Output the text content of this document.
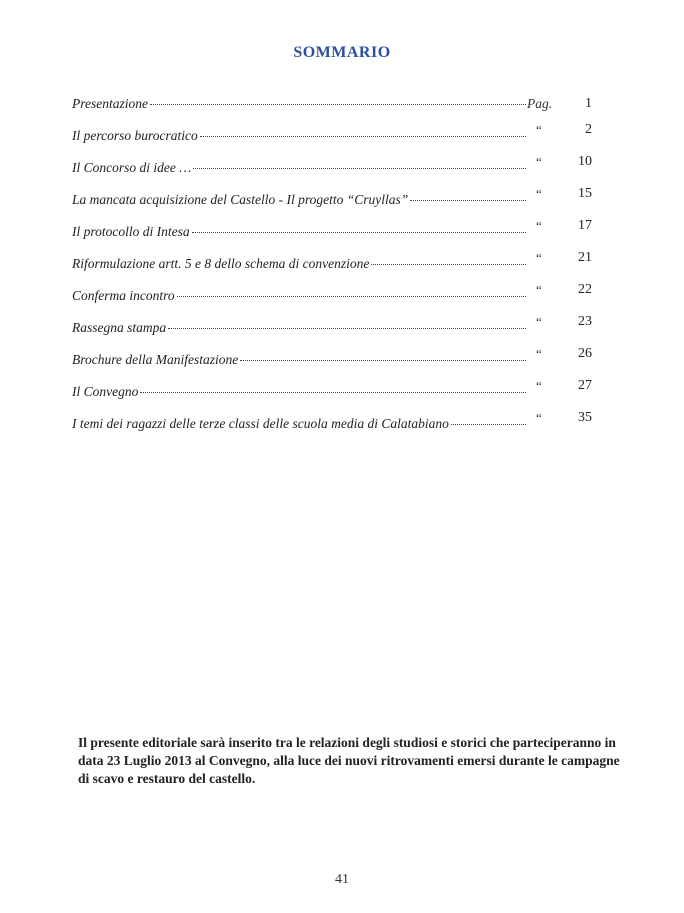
SOMMARIO
Presentazione	Pag.	1
Il percorso burocratico	“	2
Il Concorso di idee …	“	10
La mancata acquisizione del Castello - Il progetto “Cruyllas”	“	15
Il protocollo di Intesa	“	17
Riformulazione artt. 5 e 8 dello schema di convenzione	“	21
Conferma incontro	“	22
Rassegna stampa	“	23
Brochure della Manifestazione	“	26
Il Convegno	“	27
I temi dei ragazzi delle terze classi delle scuola media di Calatabiano	“	35
Il presente editoriale sarà inserito tra le relazioni degli studiosi e storici che parteciperanno in data 23 Luglio 2013 al Convegno, alla luce dei nuovi ritrovamenti emersi durante le campagne di scavo e restauro del castello.
41
